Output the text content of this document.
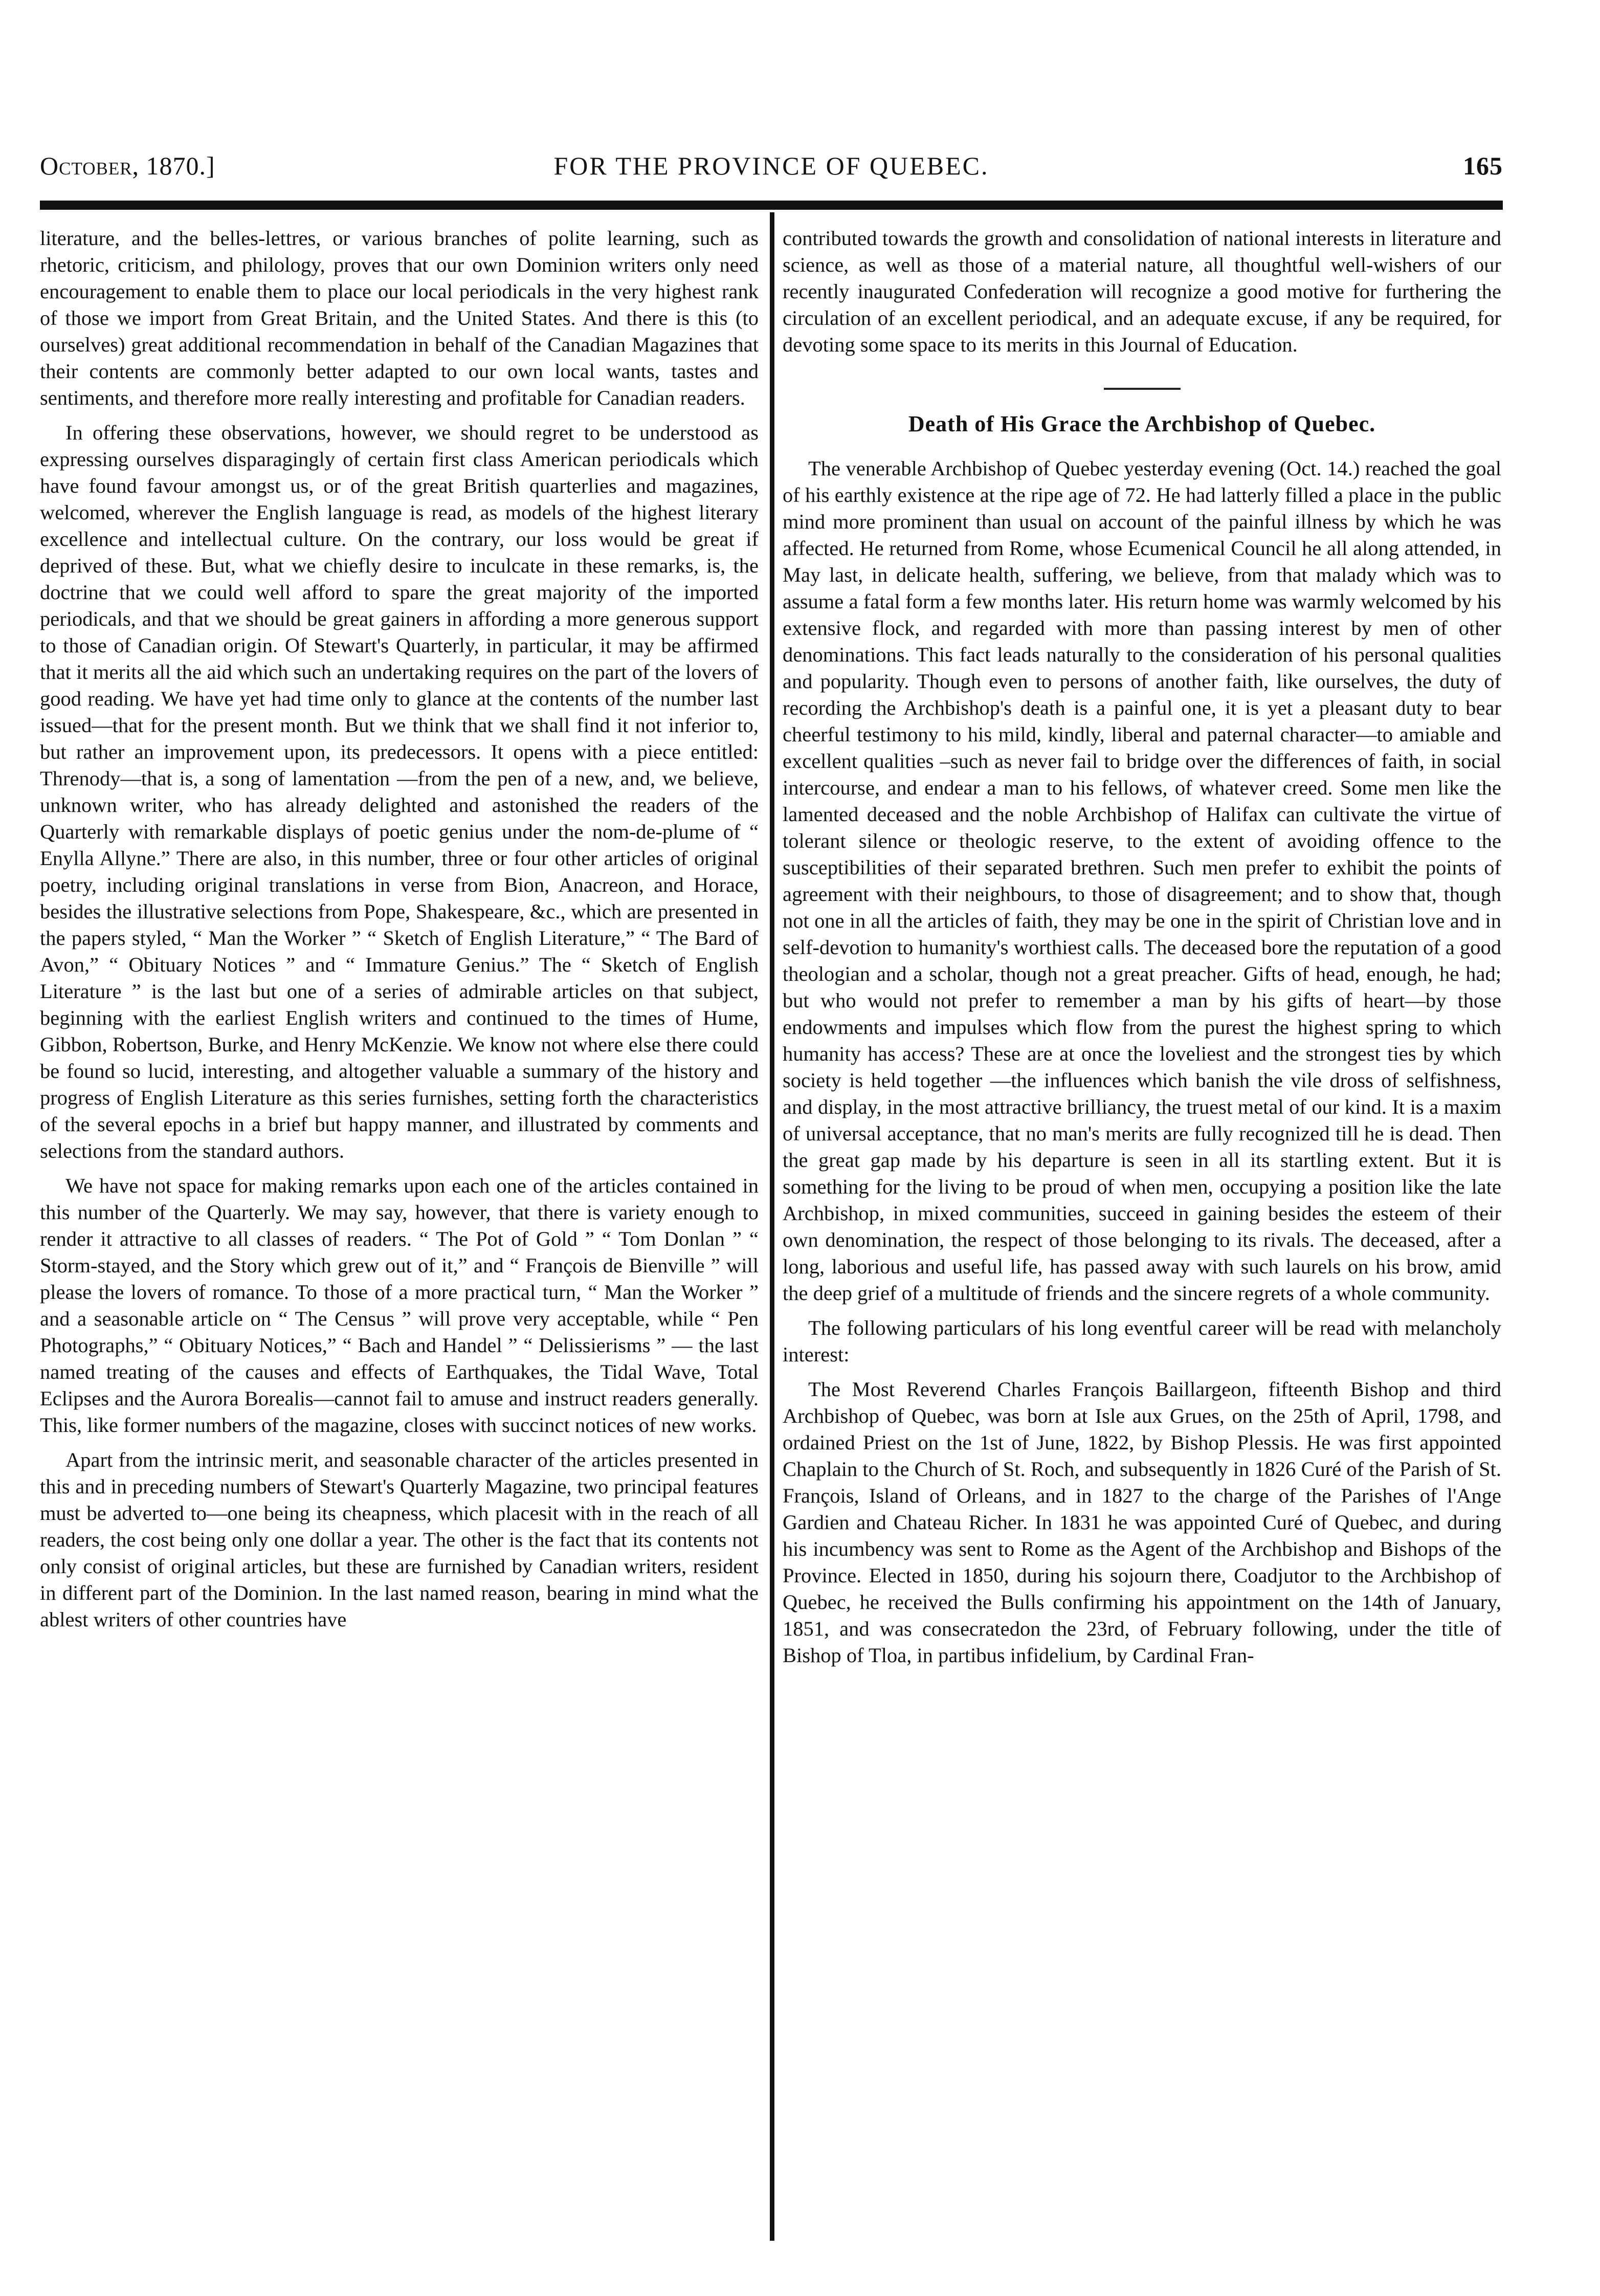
October, 1870.]	FOR THE PROVINCE OF QUEBEC.	165

literature, and the belles-lettres, or various branches of polite learning, such as rhetoric, criticism, and philology, proves that our own Dominion writers only need encouragement to enable them to place our local periodicals in the very highest rank of those we import from Great Britain, and the United States. And there is this (to ourselves) great additional recommendation in behalf of the Canadian Magazines that their contents are commonly better adapted to our own local wants, tastes and sentiments, and therefore more really interesting and profitable for Canadian readers.

In offering these observations, however, we should regret to be understood as expressing ourselves disparagingly of certain first class American periodicals which have found favour amongst us, or of the great British quarterlies and magazines, welcomed, wherever the English language is read, as models of the highest literary excellence and intellectual culture. On the contrary, our loss would be great if deprived of these. But, what we chiefly desire to inculcate in these remarks, is, the doctrine that we could well afford to spare the great majority of the imported periodicals, and that we should be great gainers in affording a more generous support to those of Canadian origin. Of Stewart's Quarterly, in particular, it may be affirmed that it merits all the aid which such an undertaking requires on the part of the lovers of good reading. We have yet had time only to glance at the contents of the number last issued—that for the present month. But we think that we shall find it not inferior to, but rather an improvement upon, its predecessors. It opens with a piece entitled: Threnody—that is, a song of lamentation —from the pen of a new, and, we believe, unknown writer, who has already delighted and astonished the readers of the Quarterly with remarkable displays of poetic genius under the nom-de-plume of “ Enylla Allyne.” There are also, in this number, three or four other articles of original poetry, including original translations in verse from Bion, Anacreon, and Horace, besides the illustrative selections from Pope, Shakespeare, &c., which are presented in the papers styled, “ Man the Worker ” “ Sketch of English Literature,” “ The Bard of Avon,” “ Obituary Notices ” and “ Immature Genius.” The “ Sketch of English Literature ” is the last but one of a series of admirable articles on that subject, beginning with the earliest English writers and continued to the times of Hume, Gibbon, Robertson, Burke, and Henry McKenzie. We know not where else there could be found so lucid, interesting, and altogether valuable a summary of the history and progress of English Literature as this series furnishes, setting forth the characteristics of the several epochs in a brief but happy manner, and illustrated by comments and selections from the standard authors.

We have not space for making remarks upon each one of the articles contained in this number of the Quarterly. We may say, however, that there is variety enough to render it attractive to all classes of readers. “ The Pot of Gold ” “ Tom Donlan ” “ Storm-stayed, and the Story which grew out of it,” and “ François de Bienville ” will please the lovers of romance. To those of a more practical turn, “ Man the Worker ” and a seasonable article on “ The Census ” will prove very acceptable, while “ Pen Photographs,” “ Obituary Notices,” “ Bach and Handel ” “ Delissierisms ” — the last named treating of the causes and effects of Earthquakes, the Tidal Wave, Total Eclipses and the Aurora Borealis—cannot fail to amuse and instruct readers generally. This, like former numbers of the magazine, closes with succinct notices of new works.

Apart from the intrinsic merit, and seasonable character of the articles presented in this and in preceding numbers of Stewart's Quarterly Magazine, two principal features must be adverted to—one being its cheapness, which placesit with in the reach of all readers, the cost being only one dollar a year. The other is the fact that its contents not only consist of original articles, but these are furnished by Canadian writers, resident in different part of the Dominion. In the last named reason, bearing in mind what the ablest writers of other countries have

contributed towards the growth and consolidation of national interests in literature and science, as well as those of a material nature, all thoughtful well-wishers of our recently inaugurated Confederation will recognize a good motive for furthering the circulation of an excellent periodical, and an adequate excuse, if any be required, for devoting some space to its merits in this Journal of Education.

Death of His Grace the Archbishop of Quebec.

The venerable Archbishop of Quebec yesterday evening (Oct. 14.) reached the goal of his earthly existence at the ripe age of 72. He had latterly filled a place in the public mind more prominent than usual on account of the painful illness by which he was affected. He returned from Rome, whose Ecumenical Council he all along attended, in May last, in delicate health, suffering, we believe, from that malady which was to assume a fatal form a few months later. His return home was warmly welcomed by his extensive flock, and regarded with more than passing interest by men of other denominations. This fact leads naturally to the consideration of his personal qualities and popularity. Though even to persons of another faith, like ourselves, the duty of recording the Archbishop's death is a painful one, it is yet a pleasant duty to bear cheerful testimony to his mild, kindly, liberal and paternal character—to amiable and excellent qualities –such as never fail to bridge over the differences of faith, in social intercourse, and endear a man to his fellows, of whatever creed. Some men like the lamented deceased and the noble Archbishop of Halifax can cultivate the virtue of tolerant silence or theologic reserve, to the extent of avoiding offence to the susceptibilities of their separated brethren. Such men prefer to exhibit the points of agreement with their neighbours, to those of disagreement; and to show that, though not one in all the articles of faith, they may be one in the spirit of Christian love and in self-devotion to humanity's worthiest calls. The deceased bore the reputation of a good theologian and a scholar, though not a great preacher. Gifts of head, enough, he had; but who would not prefer to remember a man by his gifts of heart—by those endowments and impulses which flow from the purest the highest spring to which humanity has access? These are at once the loveliest and the strongest ties by which society is held together —the influences which banish the vile dross of selfishness, and display, in the most attractive brilliancy, the truest metal of our kind. It is a maxim of universal acceptance, that no man's merits are fully recognized till he is dead. Then the great gap made by his departure is seen in all its startling extent. But it is something for the living to be proud of when men, occupying a position like the late Archbishop, in mixed communities, succeed in gaining besides the esteem of their own denomination, the respect of those belonging to its rivals. The deceased, after a long, laborious and useful life, has passed away with such laurels on his brow, amid the deep grief of a multitude of friends and the sincere regrets of a whole community.

The following particulars of his long eventful career will be read with melancholy interest:

The Most Reverend Charles François Baillargeon, fifteenth Bishop and third Archbishop of Quebec, was born at Isle aux Grues, on the 25th of April, 1798, and ordained Priest on the 1st of June, 1822, by Bishop Plessis. He was first appointed Chaplain to the Church of St. Roch, and subsequently in 1826 Curé of the Parish of St. François, Island of Orleans, and in 1827 to the charge of the Parishes of l'Ange Gardien and Chateau Richer. In 1831 he was appointed Curé of Quebec, and during his incumbency was sent to Rome as the Agent of the Archbishop and Bishops of the Province. Elected in 1850, during his sojourn there, Coadjutor to the Archbishop of Quebec, he received the Bulls confirming his appointment on the 14th of January, 1851, and was consecratedon the 23rd, of February following, under the title of Bishop of Tloa, in partibus infidelium, by Cardinal Fran-
